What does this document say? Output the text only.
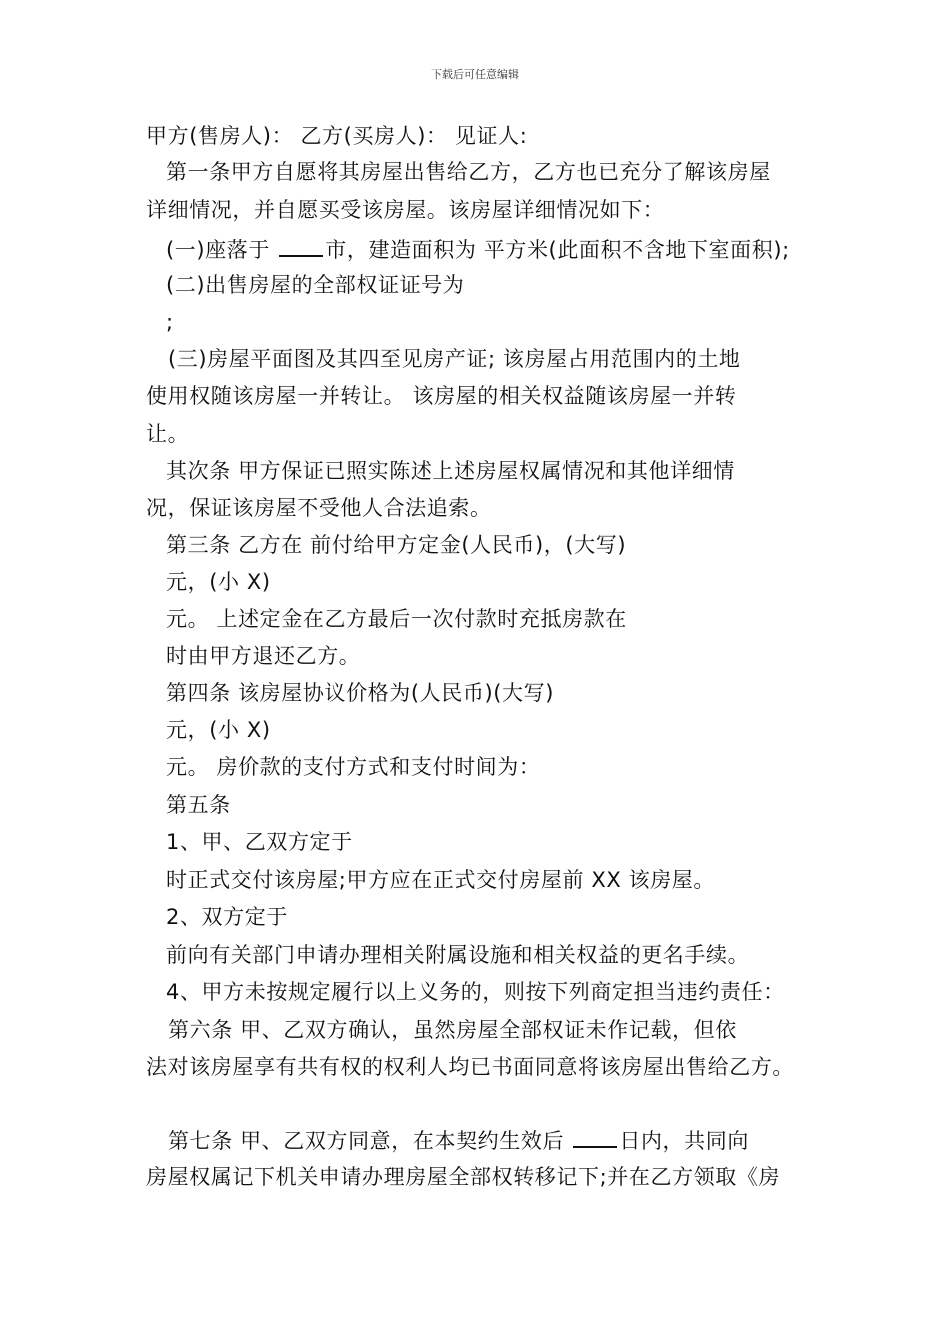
下载后可任意编辑
甲方(售房人)： 乙方(买房人)： 见证人:
第一条甲方自愿将其房屋出售给乙方，乙方也已充分了解该房屋
详细情况，并自愿买受该房屋。该房屋详细情况如下：
(一)座落于 市，建造面积为 平方米(此面积不含地下室面积);
(二)出售房屋的全部权证证号为
;
(三)房屋平面图及其四至见房产证; 该房屋占用范围内的土地
使用权随该房屋一并转让。 该房屋的相关权益随该房屋一并转
让。
其次条 甲方保证已照实陈述上述房屋权属情况和其他详细情
况，保证该房屋不受他人合法追索。
第三条 乙方在 前付给甲方定金(人民币)，(大写)
元，(小 X)
元。 上述定金在乙方最后一次付款时充抵房款在
时由甲方退还乙方。
第四条 该房屋协议价格为(人民币)(大写)
元，(小 X)
元。 房价款的支付方式和支付时间为：
第五条
1、甲、乙双方定于
时正式交付该房屋;甲方应在正式交付房屋前 XX 该房屋。
2、双方定于
前向有关部门申请办理相关附属设施和相关权益的更名手续。
4、甲方未按规定履行以上义务的，则按下列商定担当违约责任：
第六条 甲、乙双方确认，虽然房屋全部权证未作记载，但依
法对该房屋享有共有权的权利人均已书面同意将该房屋出售给乙方。
第七条 甲、乙双方同意，在本契约生效后 日内，共同向
房屋权属记下机关申请办理房屋全部权转移记下;并在乙方领取《房
